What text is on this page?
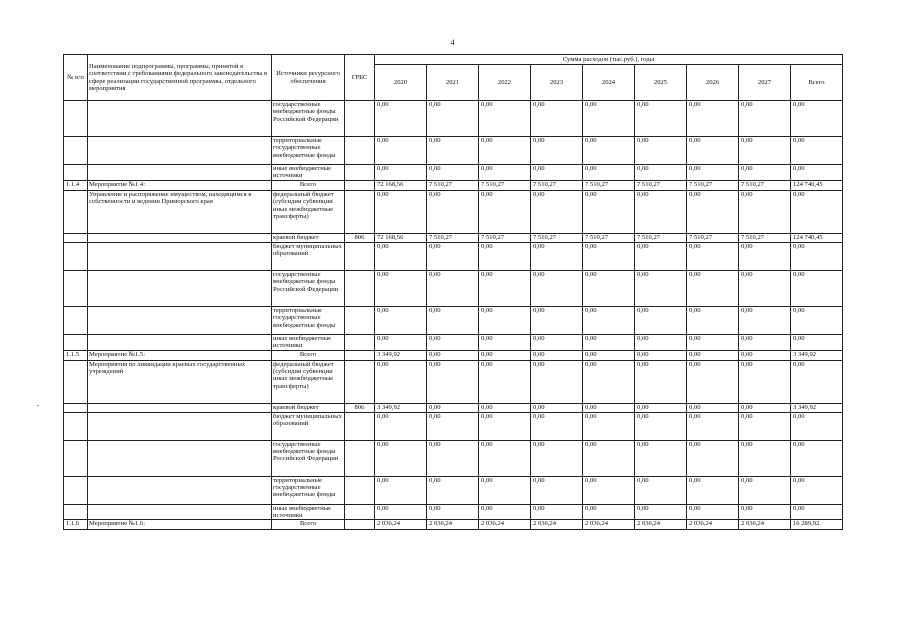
4
№ п/п	Наименование подпрограммы, программы, принятой в соответствии с требованиями федерального законодательства в сфере реализации государственной программы, отдельного мероприятия	Источники ресурсного обеспечения	ГРБС	Сумма расходов (тыс.руб.), годы								
				2020	2021	2022	2023	2024	2025	2026	2027	Всего
		государственные внебюджетные фонды Российской Федерации		0,00	0,00	0,00	0,00	0,00	0,00	0,00	0,00	0,00
		территориальные государственные внебюджетные фонды		0,00	0,00	0,00	0,00	0,00	0,00	0,00	0,00	0,00
		иные внебюджетные источники		0,00	0,00	0,00	0,00	0,00	0,00	0,00	0,00	0,00
1.1.4	Мероприятие №1.4:	Всего		72 168,56	7 510,27	7 510,27	7 510,27	7 510,27	7 510,27	7 510,27	7 510,27	124 740,45
	Управление и распоряжение имуществом, находящимся в собственности и ведении Приморского края	федеральный бюджет (субсидии субвенции иные межбюджетные трансферты)		0,00	0,00	0,00	0,00	0,00	0,00	0,00	0,00	0,00
		краевой бюджет	806	72 168,56	7 510,27	7 510,27	7 510,27	7 510,27	7 510,27	7 510,27	7 510,27	124 740,45
		бюджет муниципальных образований		0,00	0,00	0,00	0,00	0,00	0,00	0,00	0,00	0,00
		государственные внебюджетные фонды Российской Федерации		0,00	0,00	0,00	0,00	0,00	0,00	0,00	0,00	0,00
		территориальные государственные внебюджетные фонды		0,00	0,00	0,00	0,00	0,00	0,00	0,00	0,00	0,00
		иные внебюджетные источники		0,00	0,00	0,00	0,00	0,00	0,00	0,00	0,00	0,00
1.1.5	Мероприятие №1.5:	Всего		3 349,92	0,00	0,00	0,00	0,00	0,00	0,00	0,00	3 349,92
	Мероприятия по ликвидации краевых государственных учреждений	федеральный бюджет (субсидии субвенции иные межбюджетные трансферты)		0,00	0,00	0,00	0,00	0,00	0,00	0,00	0,00	0,00
		краевой бюджет	806	3 349,92	0,00	0,00	0,00	0,00	0,00	0,00	0,00	3 349,92
		бюджет муниципальных образований		0,00	0,00	0,00	0,00	0,00	0,00	0,00	0,00	0,00
		государственные внебюджетные фонды Российской Федерации		0,00	0,00	0,00	0,00	0,00	0,00	0,00	0,00	0,00
		территориальные государственные внебюджетные фонды		0,00	0,00	0,00	0,00	0,00	0,00	0,00	0,00	0,00
		иные внебюджетные источники		0,00	0,00	0,00	0,00	0,00	0,00	0,00	0,00	0,00
1.1.6	Мероприятие №1.6:	Всего		2 036,24	2 036,24	2 036,24	2 036,24	2 036,24	2 036,24	2 036,24	2 036,24	16 289,92
